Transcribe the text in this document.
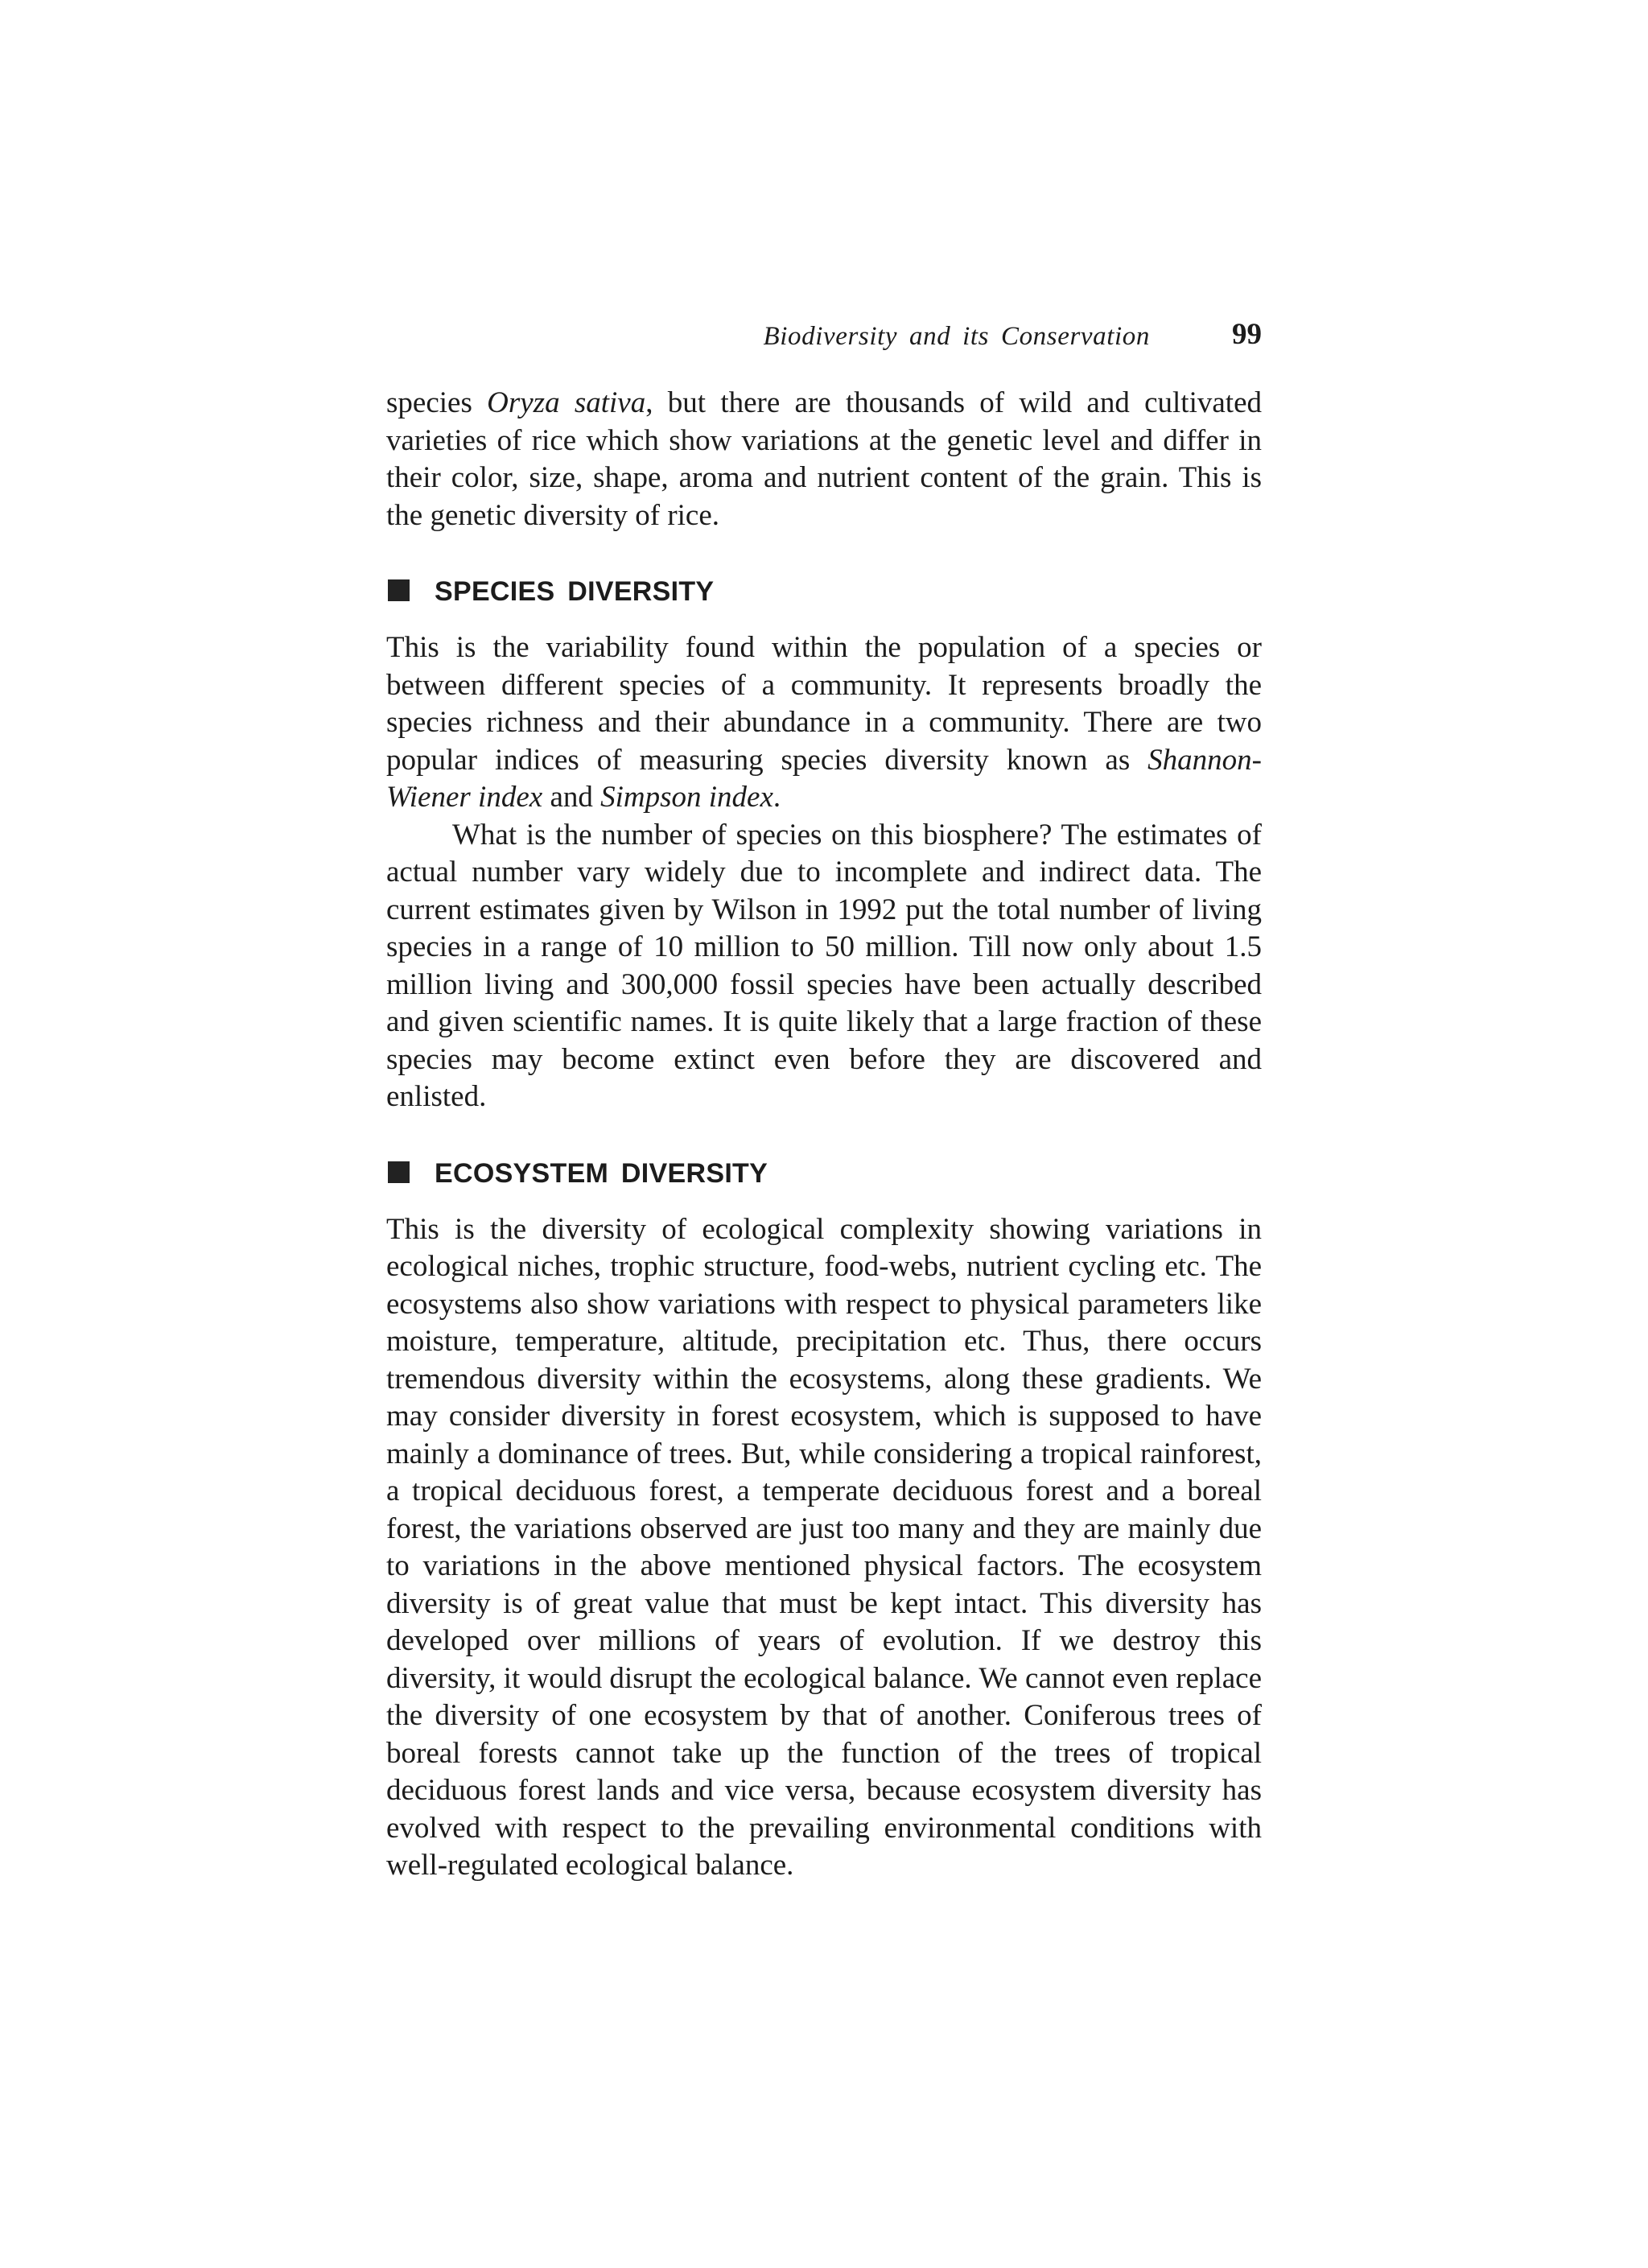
Biodiversity and its Conservation	99

species Oryza sativa, but there are thousands of wild and cultivated varieties of rice which show variations at the genetic level and differ in their color, size, shape, aroma and nutrient content of the grain. This is the genetic diversity of rice.

SPECIES DIVERSITY

This is the variability found within the population of a species or between different species of a community. It represents broadly the species richness and their abundance in a community. There are two popular indices of measuring species diversity known as Shannon-Wiener index and Simpson index.

What is the number of species on this biosphere? The estimates of actual number vary widely due to incomplete and indirect data. The current estimates given by Wilson in 1992 put the total number of living species in a range of 10 million to 50 million. Till now only about 1.5 million living and 300,000 fossil species have been actually described and given scientific names. It is quite likely that a large fraction of these species may become extinct even before they are discovered and enlisted.

ECOSYSTEM DIVERSITY

This is the diversity of ecological complexity showing variations in ecological niches, trophic structure, food-webs, nutrient cycling etc. The ecosystems also show variations with respect to physical parameters like moisture, temperature, altitude, precipitation etc. Thus, there occurs tremendous diversity within the ecosystems, along these gradients. We may consider diversity in forest ecosystem, which is supposed to have mainly a dominance of trees. But, while considering a tropical rainforest, a tropical deciduous forest, a temperate deciduous forest and a boreal forest, the variations observed are just too many and they are mainly due to variations in the above mentioned physical factors. The ecosystem diversity is of great value that must be kept intact. This diversity has developed over millions of years of evolution. If we destroy this diversity, it would disrupt the ecological balance. We cannot even replace the diversity of one ecosystem by that of another. Coniferous trees of boreal forests cannot take up the function of the trees of tropical deciduous forest lands and vice versa, because ecosystem diversity has evolved with respect to the prevailing environmental conditions with well-regulated ecological balance.
